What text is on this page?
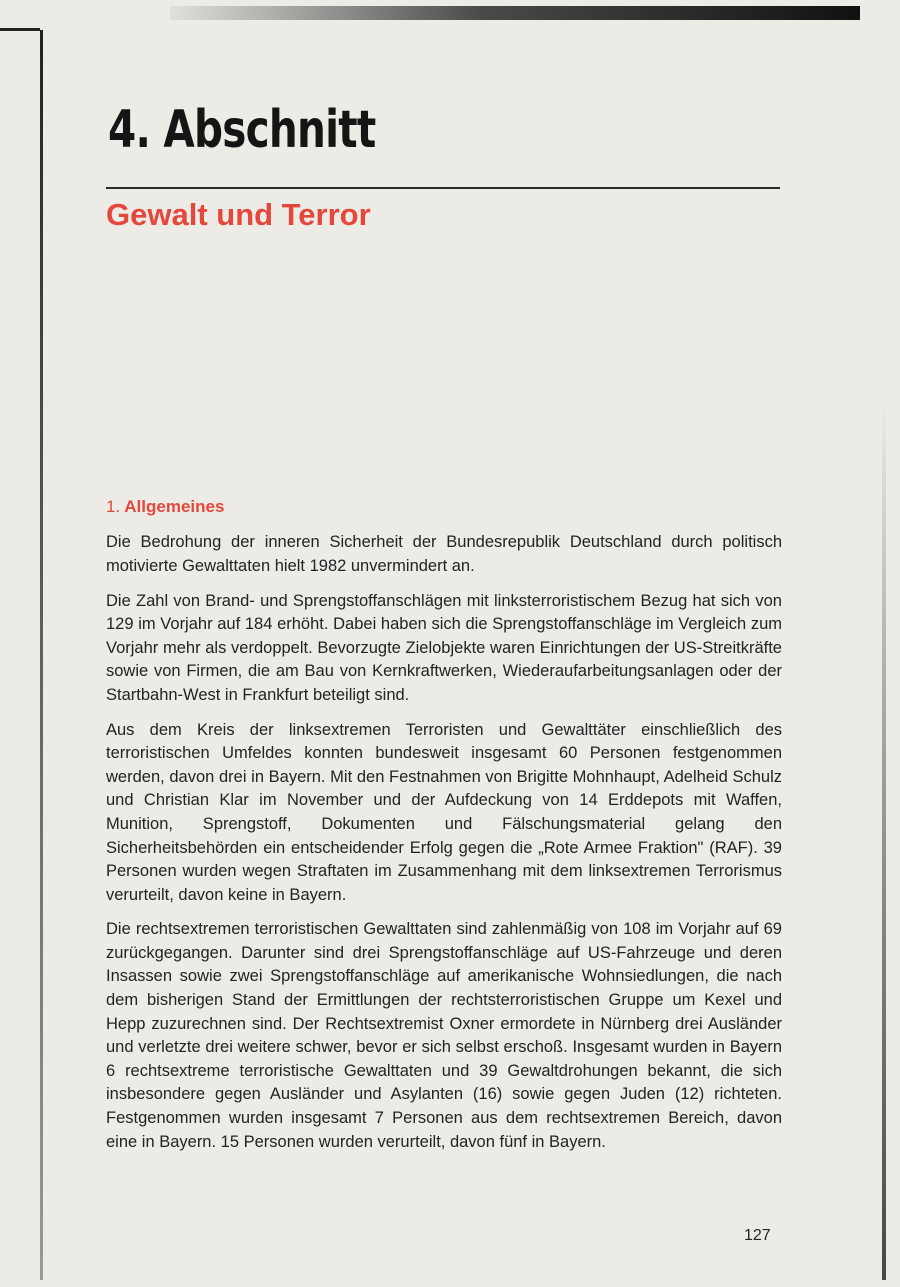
4. Abschnitt
Gewalt und Terror
1. Allgemeines

Die Bedrohung der inneren Sicherheit der Bundesrepublik Deutschland durch politisch motivierte Gewalttaten hielt 1982 unvermindert an.

Die Zahl von Brand- und Sprengstoffanschlägen mit linksterroristischem Bezug hat sich von 129 im Vorjahr auf 184 erhöht. Dabei haben sich die Sprengstoffanschläge im Vergleich zum Vorjahr mehr als verdoppelt. Bevorzugte Zielobjekte waren Einrichtungen der US-Streitkräfte sowie von Firmen, die am Bau von Kernkraftwerken, Wiederaufarbeitungsanlagen oder der Startbahn-West in Frankfurt beteiligt sind.

Aus dem Kreis der linksextremen Terroristen und Gewalttäter einschließlich des terroristischen Umfeldes konnten bundesweit insgesamt 60 Personen festgenommen werden, davon drei in Bayern. Mit den Festnahmen von Brigitte Mohnhaupt, Adelheid Schulz und Christian Klar im November und der Aufdeckung von 14 Erddepots mit Waffen, Munition, Sprengstoff, Dokumenten und Fälschungsmaterial gelang den Sicherheitsbehörden ein entscheidender Erfolg gegen die „Rote Armee Fraktion" (RAF). 39 Personen wurden wegen Straftaten im Zusammenhang mit dem linksextremen Terrorismus verurteilt, davon keine in Bayern.

Die rechtsextremen terroristischen Gewalttaten sind zahlenmäßig von 108 im Vorjahr auf 69 zurückgegangen. Darunter sind drei Sprengstoffanschläge auf US-Fahrzeuge und deren Insassen sowie zwei Sprengstoffanschläge auf amerikanische Wohnsiedlungen, die nach dem bisherigen Stand der Ermittlungen der rechtsterroristischen Gruppe um Kexel und Hepp zuzurechnen sind. Der Rechtsextremist Oxner ermordete in Nürnberg drei Ausländer und verletzte drei weitere schwer, bevor er sich selbst erschoß. Insgesamt wurden in Bayern 6 rechtsextreme terroristische Gewalttaten und 39 Gewaltdrohungen bekannt, die sich insbesondere gegen Ausländer und Asylanten (16) sowie gegen Juden (12) richteten. Festgenommen wurden insgesamt 7 Personen aus dem rechtsextremen Bereich, davon eine in Bayern. 15 Personen wurden verurteilt, davon fünf in Bayern.

127
